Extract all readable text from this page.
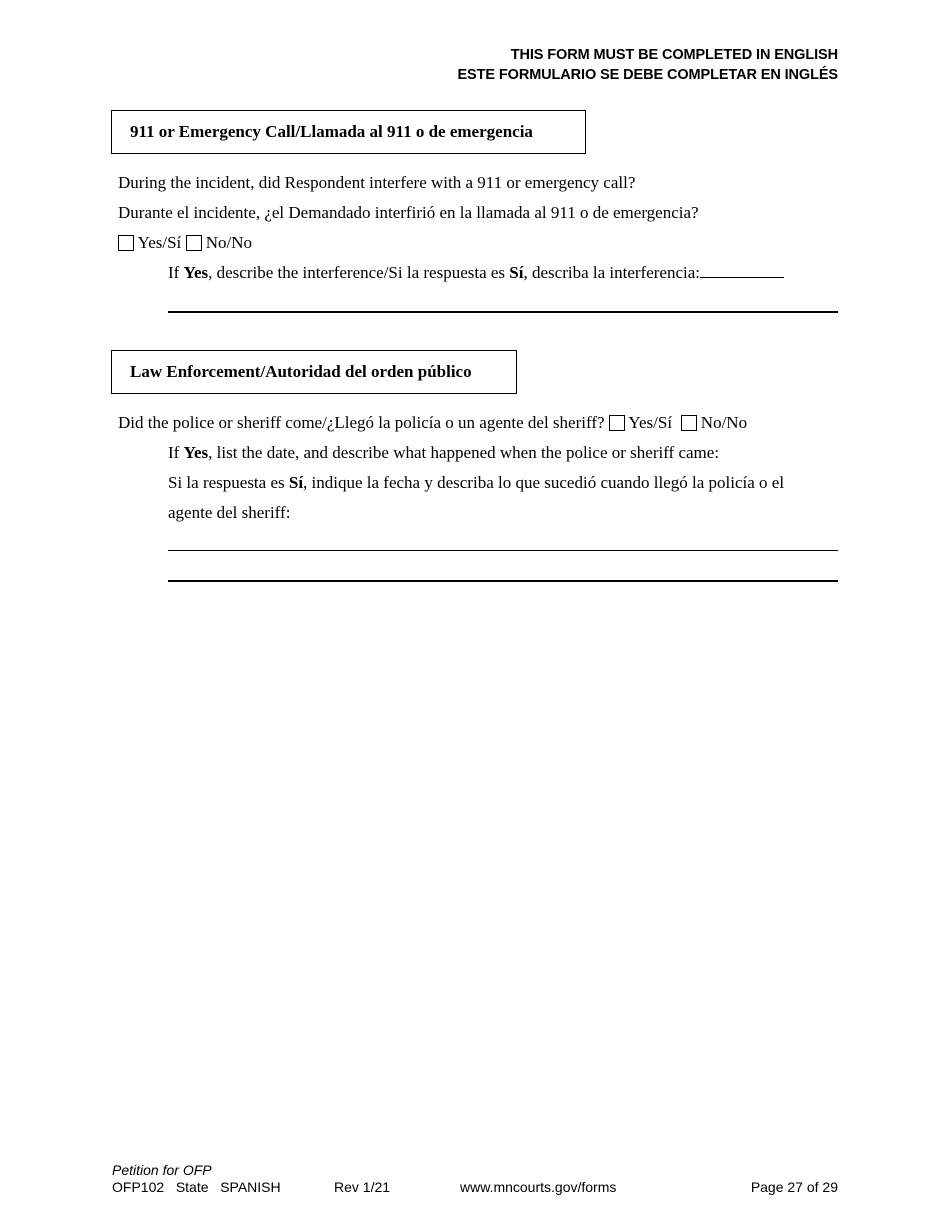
THIS FORM MUST BE COMPLETED IN ENGLISH
ESTE FORMULARIO SE DEBE COMPLETAR EN INGLÉS
911 or Emergency Call/Llamada al 911 o de emergencia
During the incident, did Respondent interfere with a 911 or emergency call?
Durante el incidente, ¿el Demandado interfirió en la llamada al 911 o de emergencia?
Yes/Sí No/No
If Yes, describe the interference/Si la respuesta es Sí, describa la interferencia:
Law Enforcement/Autoridad del orden público
Did the police or sheriff come/¿Llegó la policía o un agente del sheriff? Yes/Sí No/No
If Yes, list the date, and describe what happened when the police or sheriff came:
Si la respuesta es Sí, indique la fecha y describa lo que sucedió cuando llegó la policía o el
agente del sheriff:
Petition for OFP
OFP102 State SPANISH	Rev 1/21	www.mncourts.gov/forms	Page 27 of 29
